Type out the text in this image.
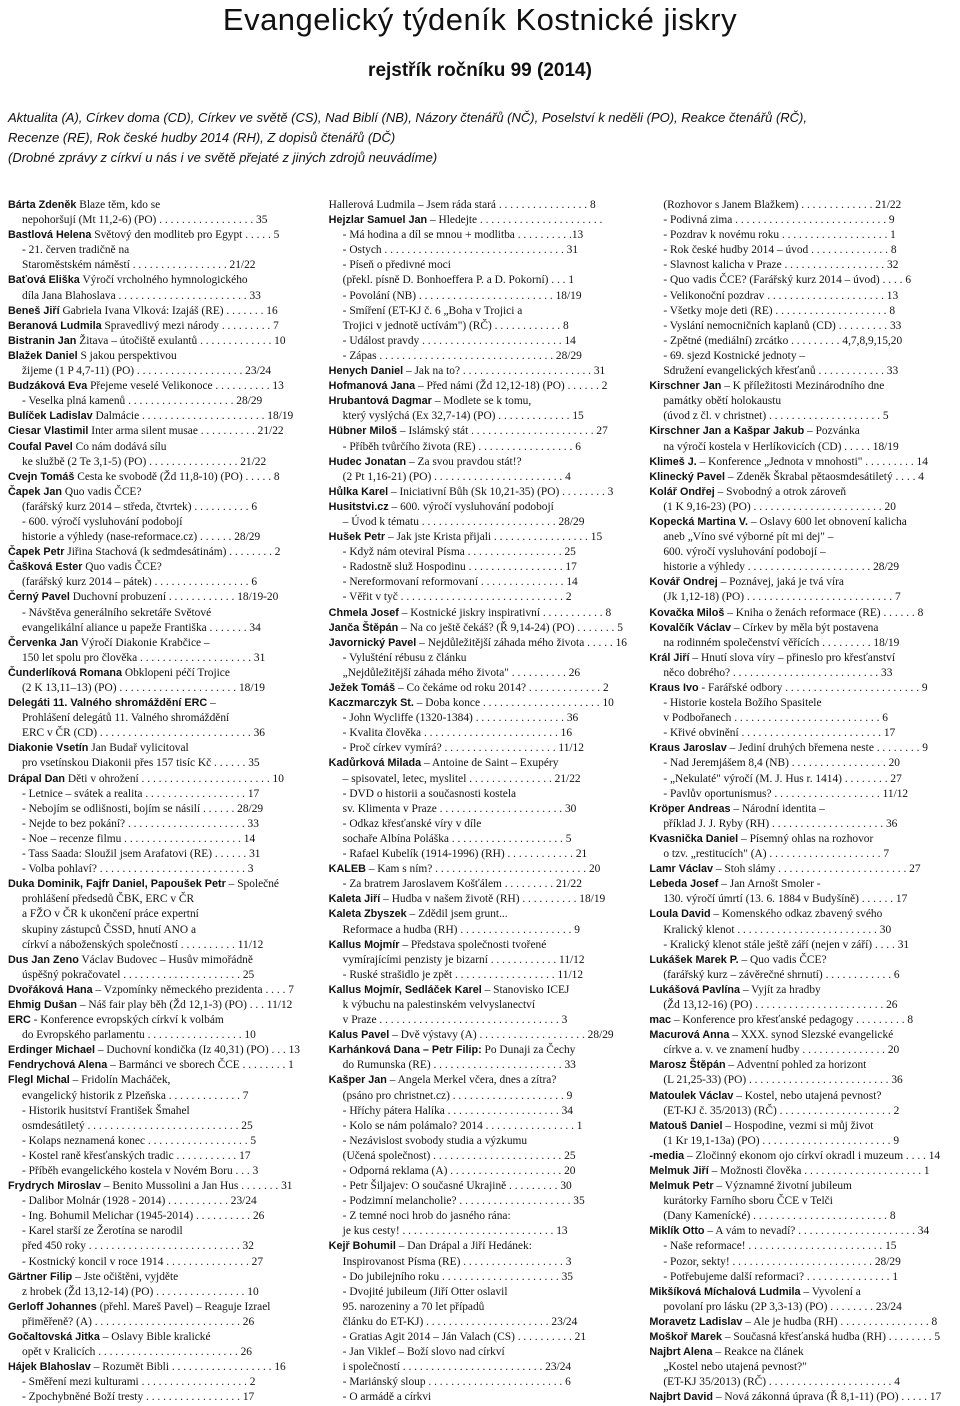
Evangelický týdeník Kostnické jiskry
rejstřík ročníku 99 (2014)
Aktualita (A), Církev doma (CD), Církev ve světě (CS), Nad Biblí (NB), Názory čtenářů (NČ), Poselství k neděli (PO), Reakce čtenářů (RČ),
Recenze (RE), Rok české hudby 2014 (RH), Z dopisů čtenářů (DČ)
(Drobné zprávy z církví u nás i ve světě přejaté z jiných zdrojů neuvádíme)

Bárta Zdeněk Blaze těm, kdo se

nepohoršují (Mt 11,2-6) (PO) . . . . . . . . . . . . . . . . . 35

Bastlová Helena Světový den modliteb pro Egypt . . . . . 5

- 21. červen tradičně na

Staroměstském náměstí . . . . . . . . . . . . . . . . . 21/22

Baťová Eliška Výročí vrcholného hymnologického

díla Jana Blahoslava . . . . . . . . . . . . . . . . . . . . . . . 33

Beneš Jiří Gabriela Ivana Vlková: Izajáš (RE) . . . . . . . 16

Beranová Ludmila Spravedlivý mezi národy . . . . . . . . . 7

Bistranin Jan Žitava – útočiště exulantů . . . . . . . . . . . . . 10

Blažek Daniel S jakou perspektivou

žijeme (1 P 4,7-11) (PO) . . . . . . . . . . . . . . . . . . . 23/24

Budzáková Eva Přejeme veselé Velikonoce . . . . . . . . . . 13

- Veselka plná kamenů . . . . . . . . . . . . . . . . . . . 28/29

Bulíček Ladislav Dalmácie . . . . . . . . . . . . . . . . . . . . . . 18/19

Ciesar Vlastimil Inter arma silent musae . . . . . . . . . . 21/22

Coufal Pavel Co nám dodává sílu

ke službě (2 Te 3,1-5) (PO) . . . . . . . . . . . . . . . . 21/22

Cvejn Tomáš Cesta ke svobodě (Žd 11,8-10) (PO) . . . . . 8

Čapek Jan Quo vadis ČCE?

(farářský kurz 2014 – středa, čtvrtek) . . . . . . . . . . 6

- 600. výročí vysluhování podobojí

historie a výhledy (nase-reformace.cz) . . . . . . 28/29

Čapek Petr Jiřina Stachová (k sedmdesátinám) . . . . . . . . 2

Čašková Ester Quo vadis ČCE?

(farářský kurz 2014 – pátek) . . . . . . . . . . . . . . . . . 6

Černý Pavel Duchovní probuzení . . . . . . . . . . . . 18/19-20

- Návštěva generálního sekretáře Světové

evangelikální aliance u papeže Františka . . . . . . . 34

Červenka Jan Výročí Diakonie Krabčice –

150 let spolu pro člověka . . . . . . . . . . . . . . . . . . . . 31

Čunderlíková Romana Obklopeni péčí Trojice

(2 K 13,11–13) (PO) . . . . . . . . . . . . . . . . . . . . . 18/19

Delegáti 11. Valného shromáždění ERC –

Prohlášení delegátů 11. Valného shromáždění

ERC v ČR (CD) . . . . . . . . . . . . . . . . . . . . . . . . . . . 36

Diakonie Vsetín Jan Budař vylicitoval

pro vsetínskou Diakonii přes 157 tisíc Kč . . . . . . 35

Drápal Dan Děti v ohrožení . . . . . . . . . . . . . . . . . . . . . . . 10

- Letnice – svátek a realita . . . . . . . . . . . . . . . . . . 17

- Nebojím se odlišnosti, bojím se násilí . . . . . . 28/29

- Nejde to bez pokání? . . . . . . . . . . . . . . . . . . . . . 33

- Noe – recenze filmu . . . . . . . . . . . . . . . . . . . . . 14

- Tass Saada: Sloužil jsem Arafatovi (RE) . . . . . . 31

- Volba pohlaví? . . . . . . . . . . . . . . . . . . . . . . . . . . 3

Duka Dominik, Fajfr Daniel, Papoušek Petr – Společné

prohlášení předsedů ČBK, ERC v ČR

a FŽO v ČR k ukončení práce expertní

skupiny zástupců ČSSD, hnutí ANO a

církví a náboženských společností . . . . . . . . . . 11/12

Dus Jan Zeno Václav Budovec – Husův mimořádně

úspěšný pokračovatel . . . . . . . . . . . . . . . . . . . . . 25

Dvořáková Hana – Vzpomínky německého prezidenta . . . . 7

Ehmig Dušan – Náš fair play běh (Žd 12,1-3) (PO) . . . 11/12

ERC - Konference evropských církví k volbám

do Evropského parlamentu . . . . . . . . . . . . . . . . . 10

Erdinger Michael – Duchovní kondička (Iz 40,31) (PO) . . . 13

Fendrychová Alena – Barmánci ve sborech ČCE . . . . . . . . 1

Flegl Michal – Fridolín Macháček,

evangelický historik z Plzeňska . . . . . . . . . . . . . 7

- Historik husitství František Šmahel

osmdesátiletý . . . . . . . . . . . . . . . . . . . . . . . . . . . 25

- Kolaps neznamená konec . . . . . . . . . . . . . . . . . . 5

- Kostel raně křesťanských tradic . . . . . . . . . . . 17

- Příběh evangelického kostela v Novém Boru . . . 3

Frydrych Miroslav – Benito Mussolini a Jan Hus . . . . . . . 31

- Dalibor Molnár (1928 - 2014) . . . . . . . . . . . 23/24

- Ing. Bohumil Melichar (1945-2014) . . . . . . . . . . 26

- Karel starší ze Žerotína se narodil

před 450 roky . . . . . . . . . . . . . . . . . . . . . . . . . . . 32

- Kostnický koncil v roce 1914 . . . . . . . . . . . . . . . 27

Gärtner Filip – Jste očištěni, vyjděte

z hrobek (Žd 13,12-14) (PO) . . . . . . . . . . . . . . . . 10

Gerloff Johannes (přehl. Mareš Pavel) – Reaguje Izrael

přiměřeně? (A) . . . . . . . . . . . . . . . . . . . . . . . . . . 26

Gočaltovská Jitka – Oslavy Bible kralické

opět v Kralicích . . . . . . . . . . . . . . . . . . . . . . . . . 26

Hájek Blahoslav – Rozumět Bibli . . . . . . . . . . . . . . . . . . 16

- Směření mezi kulturami . . . . . . . . . . . . . . . . . . . 2

- Zpochybněné Boží tresty . . . . . . . . . . . . . . . . . 17

Hallerová Ludmila – Jsem ráda stará . . . . . . . . . . . . . . . . 8

Hejzlar Samuel Jan – Hledejte . . . . . . . . . . . . . . . . . . . . . .

- Má hodina a díl se mnou + modlitba . . . . . . . . . .13

- Ostych . . . . . . . . . . . . . . . . . . . . . . . . . . . . . . . . 31

- Píseň o předivné moci

(překl. písně D. Bonhoeffera P. a D. Pokorní) . . . 1

- Povolání (NB) . . . . . . . . . . . . . . . . . . . . . . . . 18/19

- Smíření (ET-KJ č. 6 „Boha v Trojici a

Trojici v jednotě uctívám") (RČ) . . . . . . . . . . . . 8

- Událost pravdy . . . . . . . . . . . . . . . . . . . . . . . . . 14

- Zápas . . . . . . . . . . . . . . . . . . . . . . . . . . . . . . . 28/29

Henych Daniel – Jak na to? . . . . . . . . . . . . . . . . . . . . . . . 31

Hofmanová Jana – Před námi (Žd 12,12-18) (PO) . . . . . . 2

Hrubantová Dagmar – Modlete se k tomu,

který vyslýchá (Ex 32,7-14) (PO) . . . . . . . . . . . . . 15

Hübner Miloš – Islámský stát . . . . . . . . . . . . . . . . . . . . . . 27

- Příběh tvůrčího života (RE) . . . . . . . . . . . . . . . . . 6

Hudec Jonatan – Za svou pravdou stát!?

(2 Pt 1,16-21) (PO) . . . . . . . . . . . . . . . . . . . . . . . 4

Hůlka Karel – Iniciativní Bůh (Sk 10,21-35) (PO) . . . . . . . . 3

Husitstvi.cz – 600. výročí vysluhování podobojí

– Úvod k tématu . . . . . . . . . . . . . . . . . . . . . . . . 28/29

Hušek Petr – Jak jste Krista přijali . . . . . . . . . . . . . . . . . 15

- Když nám oteviral Písma . . . . . . . . . . . . . . . . . 25

- Radostně služ Hospodinu . . . . . . . . . . . . . . . . . 17

- Nereformovaní reformovaní . . . . . . . . . . . . . . . 14

- Věřit v tyč . . . . . . . . . . . . . . . . . . . . . . . . . . . . . 2

Chmela Josef – Kostnické jiskry inspirativní . . . . . . . . . . . 8

Janča Štěpán – Na co ještě čekáš? (Ř 9,14-24) (PO) . . . . . . . 5

Javornický Pavel – Nejdůležitější záhada mého života . . . . . 16

- Vylušténí rébusu z článku

„Nejdůležitější záhada mého života" . . . . . . . . . . 26

Ježek Tomáš – Co čekáme od roku 2014? . . . . . . . . . . . . . 2

Kaczmarczyk St. – Doba konce . . . . . . . . . . . . . . . . . . . . . 10

- John Wycliffe (1320-1384) . . . . . . . . . . . . . . . . 36

- Kvalita člověka . . . . . . . . . . . . . . . . . . . . . . . . 16

- Proč církev vymírá? . . . . . . . . . . . . . . . . . . . . 11/12

Kadůrková Milada – Antoine de Saint – Exupéry

– spisovatel, letec, myslitel . . . . . . . . . . . . . . . 21/22

- DVD o historii a současnosti kostela

sv. Klimenta v Praze . . . . . . . . . . . . . . . . . . . . . . 30

- Odkaz křesťanské víry v díle

sochaře Albína Poláška . . . . . . . . . . . . . . . . . . . . 5

- Rafael Kubelík (1914-1996) (RH) . . . . . . . . . . . . 21

KALEB – Kam s ním? . . . . . . . . . . . . . . . . . . . . . . . . . . . 20

- Za bratrem Jaroslavem Košťálem . . . . . . . . . 21/22

Kaleta Jiří – Hudba v našem životě (RH) . . . . . . . . . . 18/19

Kaleta Zbyszek – Zdědil jsem grunt...

Reformace a hudba (RH) . . . . . . . . . . . . . . . . . . . . 9

Kallus Mojmír – Představa společnosti tvořené

vymírajícími penzisty je bizarní . . . . . . . . . . . . 11/12

- Ruské strašidlo je zpět . . . . . . . . . . . . . . . . . . 11/12

Kallus Mojmír, Sedláček Karel – Stanovisko ICEJ

k výbuchu na palestinském velvyslanectví

v Praze . . . . . . . . . . . . . . . . . . . . . . . . . . . . . . . . 3

Kalus Pavel – Dvě výstavy (A) . . . . . . . . . . . . . . . . . . . 28/29

Karhánková Dana – Petr Filip: Po Dunaji za Čechy

do Rumunska (RE) . . . . . . . . . . . . . . . . . . . . . . . 33

Kašper Jan – Angela Merkel včera, dnes a zítra?

(psáno pro christnet.cz) . . . . . . . . . . . . . . . . . . . . 9

- Hříchy pátera Halíka . . . . . . . . . . . . . . . . . . . . 34

- Kolo se nám polámalo? 2014 . . . . . . . . . . . . . . . . 1

- Nezávislost svobody studia a výzkumu

(Učená společnost) . . . . . . . . . . . . . . . . . . . . . . . 25

- Odporná reklama (A) . . . . . . . . . . . . . . . . . . . . 20

- Petr Šiljajev: O současné Ukrajině . . . . . . . . . 30

- Podzimní melancholie? . . . . . . . . . . . . . . . . . . . . 35

- Z temné noci hrob do jasného rána:

je kus cesty! . . . . . . . . . . . . . . . . . . . . . . . . . . . 13

Kejř Bohumil – Dan Drápal a Jiří Hedánek:

Inspirovanost Písma (RE) . . . . . . . . . . . . . . . . . . 3

- Do jubilejního roku . . . . . . . . . . . . . . . . . . . . . 35

- Dvojité jubileum (Jiří Otter oslavil

95. narozeniny a 70 let případů

článku do ET-KJ) . . . . . . . . . . . . . . . . . . . . . . 23/24

- Gratias Agit 2014 – Ján Valach (CS) . . . . . . . . . . 21

- Jan Viklef – Boží slovo nad církví

i společností . . . . . . . . . . . . . . . . . . . . . . . . . 23/24

- Mariánský sloup . . . . . . . . . . . . . . . . . . . . . . . . 6

- O armádě a církvi

(Rozhovor s Janem Blažkem) . . . . . . . . . . . . . 21/22

- Podivná zima . . . . . . . . . . . . . . . . . . . . . . . . . . . 9

- Pozdrav k novému roku . . . . . . . . . . . . . . . . . . . 1

- Rok české hudby 2014 – úvod . . . . . . . . . . . . . . 8

- Slavnost kalicha v Praze . . . . . . . . . . . . . . . . . . 32

- Quo vadis ČCE? (Farářský kurz 2014 – úvod) . . . . 6

- Velikonoční pozdrav . . . . . . . . . . . . . . . . . . . . . 13

- Všetky moje deti (RE) . . . . . . . . . . . . . . . . . . . . 8

- Vyslání nemocničních kaplanů (CD) . . . . . . . . . 33

- Zpětné (mediální) zrcátko . . . . . . . . . 4,7,8,9,15,20

- 69. sjezd Kostnické jednoty –

Sdružení evangelických křesťanů . . . . . . . . . . . . 33

Kirschner Jan – K příležitosti Mezinárodního dne

památky obětí holokaustu

(úvod z čl. v christnet) . . . . . . . . . . . . . . . . . . . . 5

Kirschner Jan a Kašpar Jakub – Pozvánka

na výročí kostela v Herlíkovicích (CD) . . . . . 18/19

Klimeš J. – Konference „Jednota v mnohosti" . . . . . . . . . 14

Klinecký Pavel – Zdeněk Škrabal pětaosmdesátiletý . . . . 4

Kolář Ondřej – Svobodný a otrok zároveň

(1 K 9,16-23) (PO) . . . . . . . . . . . . . . . . . . . . . . . 20

Kopecká Martina V. – Oslavy 600 let obnovení kalicha

aneb „Víno své výborné pít mi dej" –

600. výročí vysluhování podobojí –

historie a výhledy . . . . . . . . . . . . . . . . . . . . . . 28/29

Kovář Ondrej – Poznávej, jaká je tvá víra

(Jk 1,12-18) (PO) . . . . . . . . . . . . . . . . . . . . . . . . . . 7

Kovačka Miloš – Kniha o ženách reformace (RE) . . . . . . 8

Kovalčík Václav – Církev by měla být postavena

na rodinném společenství věřících . . . . . . . . . 18/19

Král Jiří – Hnutí slova víry – přineslo pro křesťanství

něco dobrého? . . . . . . . . . . . . . . . . . . . . . . . . . . 33

Kraus Ivo - Farářské odbory . . . . . . . . . . . . . . . . . . . . . . . . 9

- Historie kostela Božího Spasitele

v Podbořanech . . . . . . . . . . . . . . . . . . . . . . . . . . 6

- Křivé obvinění . . . . . . . . . . . . . . . . . . . . . . . . . 17

Kraus Jaroslav – Jediní druhých břemena neste . . . . . . . . 9

- Nad Jeremjášem 8,4 (NB) . . . . . . . . . . . . . . . . . 20

- „Nekulaté" výročí (M. J. Hus r. 1414) . . . . . . . . 27

- Pavlův oportunismus? . . . . . . . . . . . . . . . . . . . 11/12

Kröper Andreas – Národní identita –

příklad J. J. Ryby (RH) . . . . . . . . . . . . . . . . . . . . 36

Kvasnička Daniel – Písemný ohlas na rozhovor

o tzv. „restitucích" (A) . . . . . . . . . . . . . . . . . . . . 7

Lamr Václav – Stoh slámy . . . . . . . . . . . . . . . . . . . . . . . 27

Lebeda Josef – Jan Arnošt Smoler -

130. výročí úmrtí (13. 6. 1884 v Budyšíně) . . . . . . 17

Loula David – Komenského odkaz zbavený svého

Kralický klenot . . . . . . . . . . . . . . . . . . . . . . . . . 30

- Kralický klenot stále ještě září (nejen v září) . . . . 31

Lukášek Marek P. – Quo vadis ČCE?

(farářský kurz – závěrečné shrnutí) . . . . . . . . . . . . 6

Lukášová Pavlína – Vyjít za hradby

(Žd 13,12-16) (PO) . . . . . . . . . . . . . . . . . . . . . . . 26

mac – Konference pro křesťanské pedagogy . . . . . . . . . 8

Macurová Anna – XXX. synod Slezské evangelické

církve a. v. ve znamení hudby . . . . . . . . . . . . . . . 20

Marosz Štěpán – Adventní pohled za horizont

(L 21,25-33) (PO) . . . . . . . . . . . . . . . . . . . . . . . . . 36

Matoulek Václav – Kostel, nebo utajená pevnost?

(ET-KJ č. 35/2013) (RČ) . . . . . . . . . . . . . . . . . . . . 2

Matouš Daniel – Hospodine, vezmi si můj život

(1 Kr 19,1-13a) (PO) . . . . . . . . . . . . . . . . . . . . . . . 9

-media – Zločinný ekonom ojo církví okradl i muzeum . . . . 14

Melmuk Jiří – Možnosti člověka . . . . . . . . . . . . . . . . . . . . . 1

Melmuk Petr – Významné životní jubileum

kurátorky Farního sboru ČCE v Telči

(Dany Kamenícké) . . . . . . . . . . . . . . . . . . . . . . . . 8

Miklík Otto – A vám to nevadí? . . . . . . . . . . . . . . . . . . . . . 34

- Naše reformace! . . . . . . . . . . . . . . . . . . . . . . . . 15

- Pozor, sekty! . . . . . . . . . . . . . . . . . . . . . . . . . 28/29

- Potřebujeme další reformaci? . . . . . . . . . . . . . . . 1

Mikšíková Míchalová Ludmila – Vyvolení a

povolaní pro lásku (2P 3,3-13) (PO) . . . . . . . . 23/24

Moravetz Ladislav – Ale je hudba (RH) . . . . . . . . . . . . . . . . 8

Moškoř Marek – Současná křesťanská hudba (RH) . . . . . . . . 5

Najbrt Alena – Reakce na článek

„Kostel nebo utajená pevnost?"

(ET-KJ 35/2013) (RČ) . . . . . . . . . . . . . . . . . . . . . . 4

Najbrt David – Nová zákonná úprava (Ř 8,1-11) (PO) . . . . . 17
